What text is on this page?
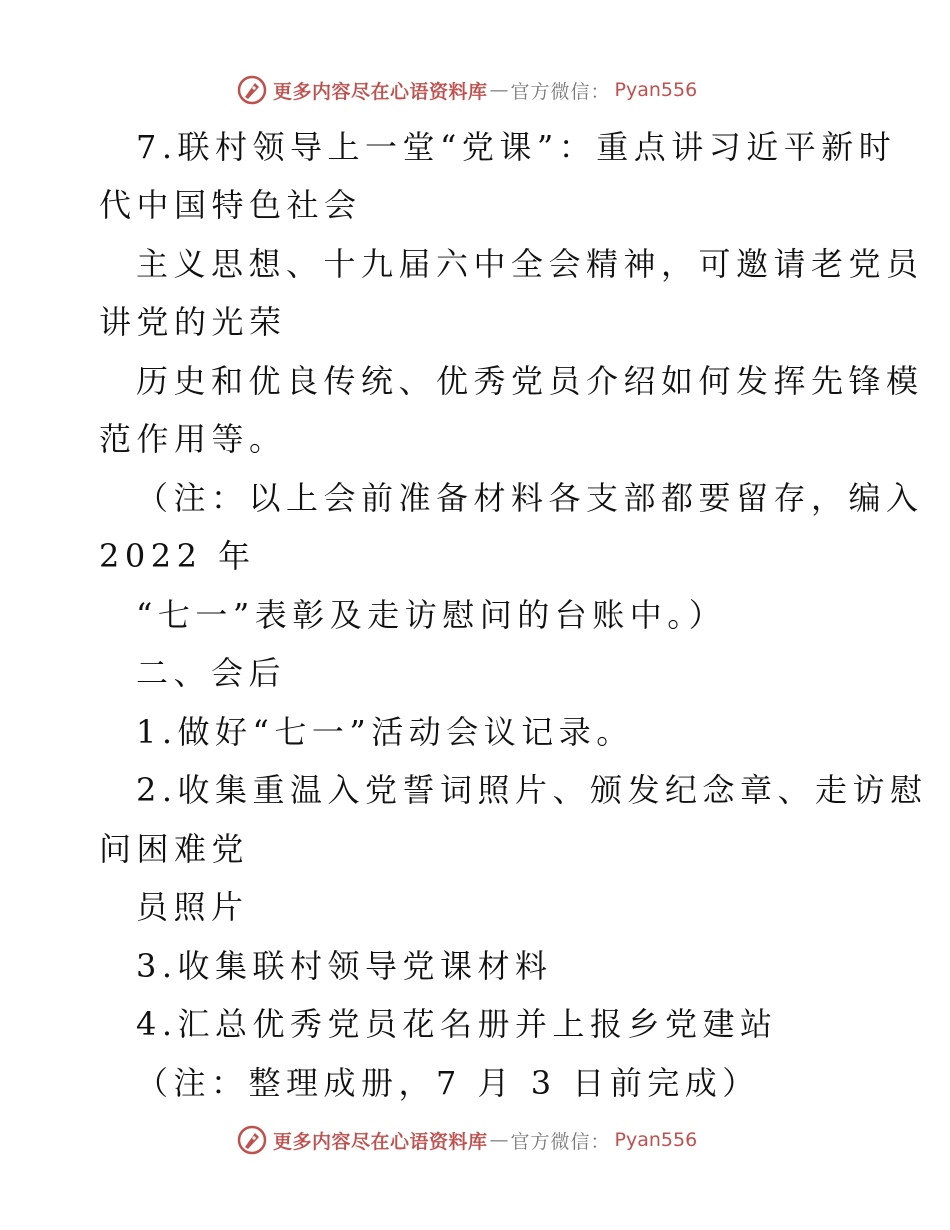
更多内容尽在心语资料库 — 官方微信： Pyan556
7.联村领导上一堂“党课”：重点讲习近平新时
代中国特色社会
主义思想、十九届六中全会精神，可邀请老党员
讲党的光荣
历史和优良传统、优秀党员介绍如何发挥先锋模
范作用等。
（注：以上会前准备材料各支部都要留存，编入
2022 年
“七一”表彰及走访慰问的台账中。）
二、会后
1.做好“七一”活动会议记录。
2.收集重温入党誓词照片、颁发纪念章、走访慰
问困难党
员照片
3.收集联村领导党课材料
4.汇总优秀党员花名册并上报乡党建站
（注：整理成册，7 月 3 日前完成）
更多内容尽在心语资料库 — 官方微信： Pyan556
